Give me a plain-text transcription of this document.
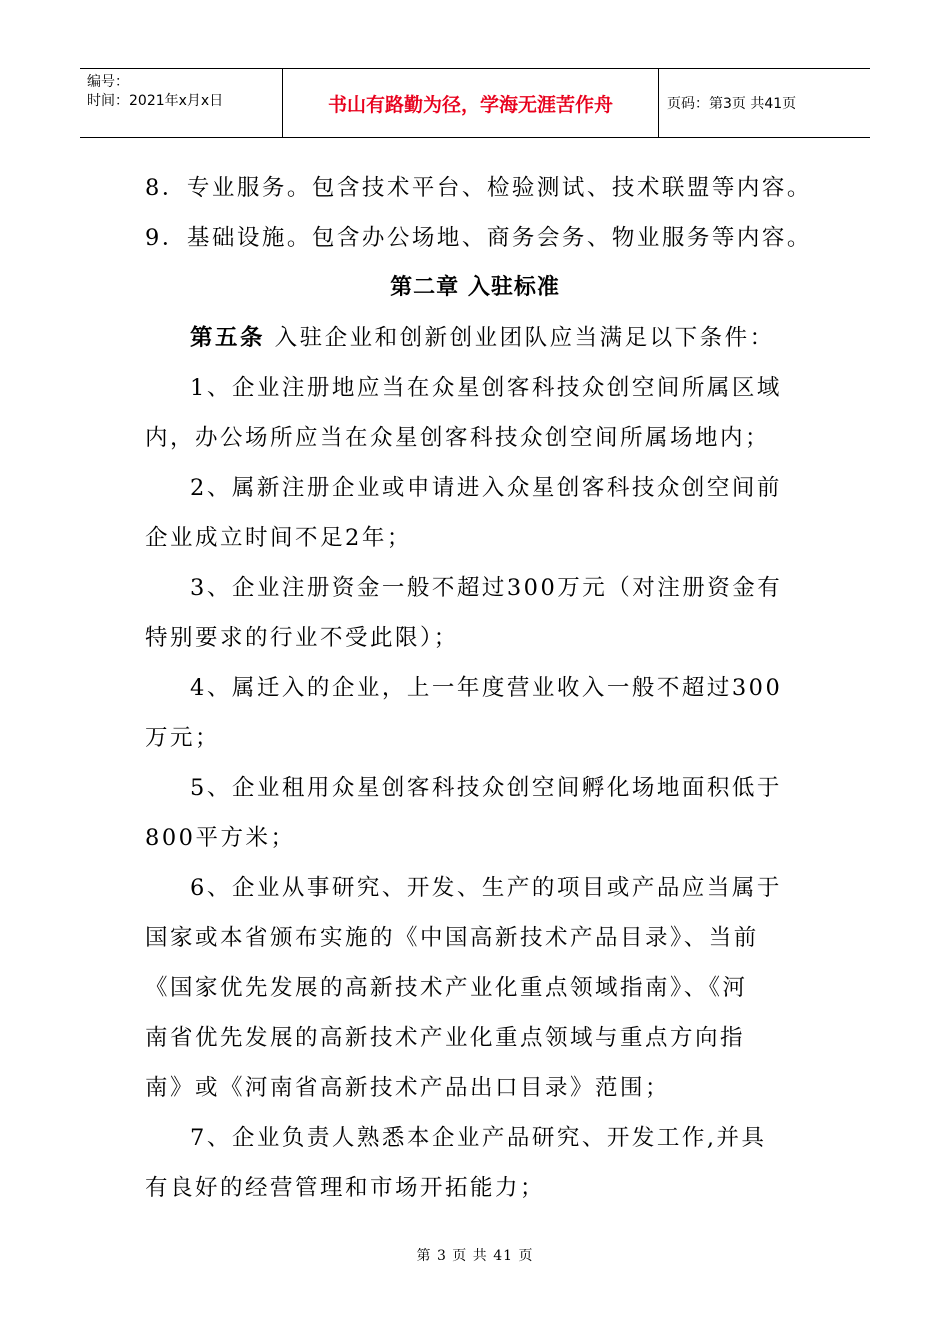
编号：
时间：2021年x月x日	书山有路勤为径，学海无涯苦作舟	页码：第3页 共41页
8．专业服务。包含技术平台、检验测试、技术联盟等内容。
9．基础设施。包含办公场地、商务会务、物业服务等内容。
第二章 入驻标准
第五条 入驻企业和创新创业团队应当满足以下条件：
1、企业注册地应当在众星创客科技众创空间所属区域
内，办公场所应当在众星创客科技众创空间所属场地内；
2、属新注册企业或申请进入众星创客科技众创空间前
企业成立时间不足2年；
3、企业注册资金一般不超过300万元（对注册资金有
特别要求的行业不受此限）；
4、属迁入的企业，上一年度营业收入一般不超过300
万元；
5、企业租用众星创客科技众创空间孵化场地面积低于
800平方米；
6、企业从事研究、开发、生产的项目或产品应当属于
国家或本省颁布实施的《中国高新技术产品目录》、当前
《国家优先发展的高新技术产业化重点领域指南》、《河
南省优先发展的高新技术产业化重点领域与重点方向指
南》或《河南省高新技术产品出口目录》范围；
7、企业负责人熟悉本企业产品研究、开发工作,并具
有良好的经营管理和市场开拓能力；
第 3 页 共 41 页
